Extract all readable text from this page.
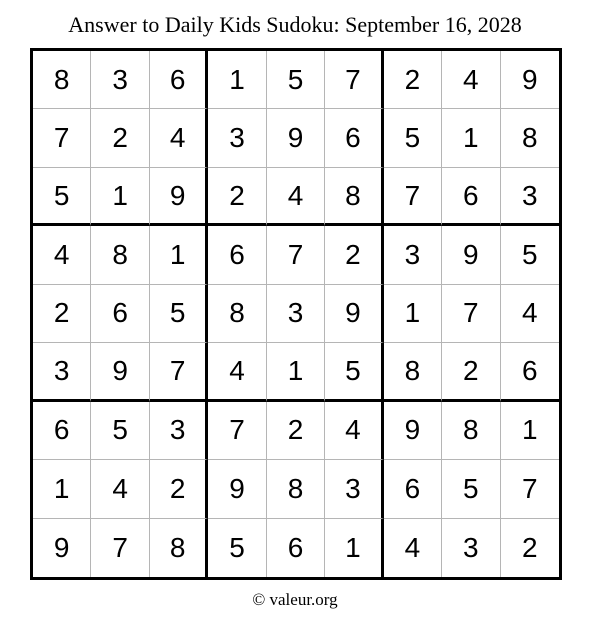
Answer to Daily Kids Sudoku: September 16, 2028
8	3	6	1	5	7	2	4	9
7	2	4	3	9	6	5	1	8
5	1	9	2	4	8	7	6	3
4	8	1	6	7	2	3	9	5
2	6	5	8	3	9	1	7	4
3	9	7	4	1	5	8	2	6
6	5	3	7	2	4	9	8	1
1	4	2	9	8	3	6	5	7
9	7	8	5	6	1	4	3	2
© valeur.org
